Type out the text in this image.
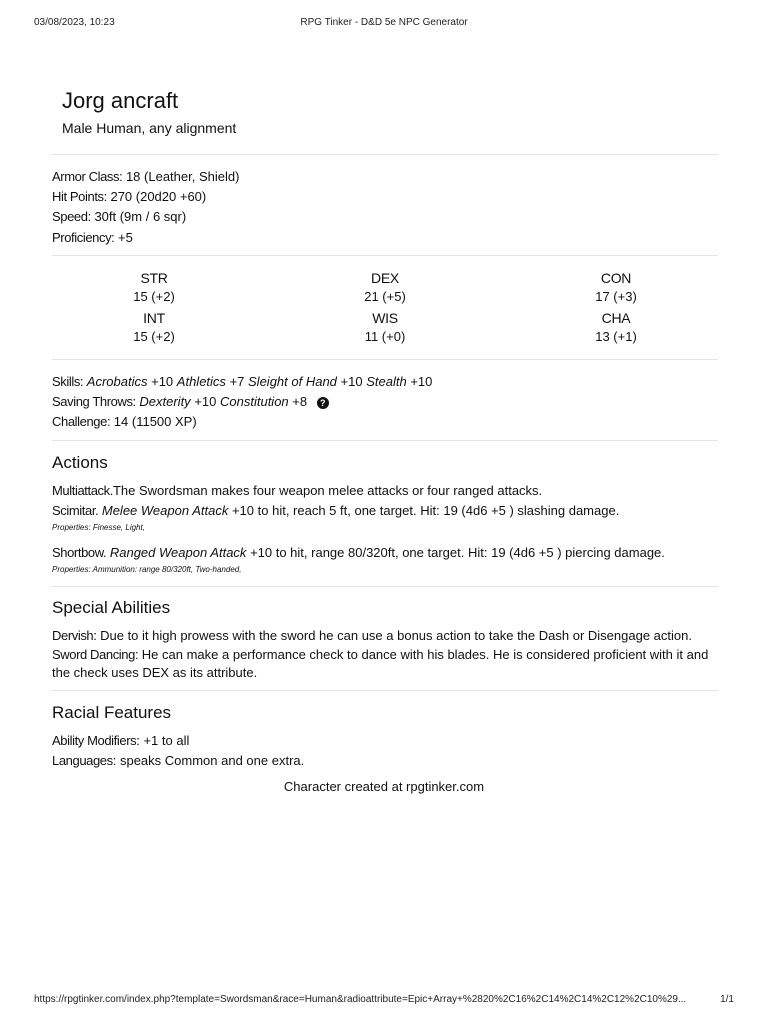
03/08/2023, 10:23	RPG Tinker - D&D 5e NPC Generator
Jorg ancraft
Male Human, any alignment
Armor Class: 18 (Leather, Shield)
Hit Points: 270 (20d20 +60)
Speed: 30ft (9m / 6 sqr)
Proficiency: +5
STR
15 (+2)
DEX
21 (+5)
CON
17 (+3)
INT
15 (+2)
WIS
11 (+0)
CHA
13 (+1)
Skills: Acrobatics +10 Athletics +7 Sleight of Hand +10 Stealth +10
Saving Throws: Dexterity +10 Constitution +8 ?
Challenge: 14 (11500 XP)
Actions
Multiattack.The Swordsman makes four weapon melee attacks or four ranged attacks.
Scimitar. Melee Weapon Attack +10 to hit, reach 5 ft, one target. Hit: 19 (4d6 +5 ) slashing damage.
Properties: Finesse, Light,
Shortbow. Ranged Weapon Attack +10 to hit, range 80/320ft, one target. Hit: 19 (4d6 +5 ) piercing damage.
Properties: Ammunition: range 80/320ft, Two-handed,
Special Abilities
Dervish: Due to it high prowess with the sword he can use a bonus action to take the Dash or Disengage action.
Sword Dancing: He can make a performance check to dance with his blades. He is considered proficient with it and the check uses DEX as its attribute.
Racial Features
Ability Modifiers: +1 to all
Languages: speaks Common and one extra.
Character created at rpgtinker.com
https://rpgtinker.com/index.php?template=Swordsman&race=Human&radioattribute=Epic+Array+%2820%2C16%2C14%2C14%2C12%2C10%29...	1/1
